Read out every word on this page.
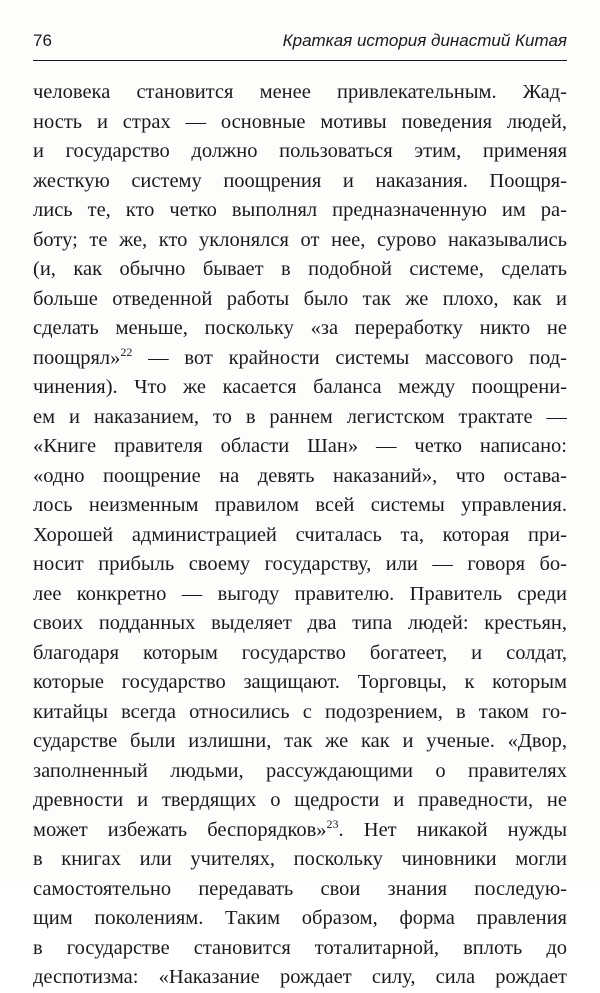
76	Краткая история династий Китая
человека становится менее привлекательным. Жад-
ность и страх — основные мотивы поведения людей,
и государство должно пользоваться этим, применяя
жесткую систему поощрения и наказания. Поощря-
лись те, кто четко выполнял предназначенную им ра-
боту; те же, кто уклонялся от нее, сурово наказывались
(и, как обычно бывает в подобной системе, сделать
больше отведенной работы было так же плохо, как и
сделать меньше, поскольку «за переработку никто не
поощрял»$^{22}$ — вот крайности системы массового под-
чинения). Что же касается баланса между поощрени-
ем и наказанием, то в раннем легистском трактате —
«Книге правителя области Шан» — четко написано:
«одно поощрение на девять наказаний», что остава-
лось неизменным правилом всей системы управления.
Хорошей администрацией считалась та, которая при-
носит прибыль своему государству, или — говоря бо-
лее конкретно — выгоду правителю. Правитель среди
своих подданных выделяет два типа людей: крестьян,
благодаря которым государство богатеет, и солдат,
которые государство защищают. Торговцы, к которым
китайцы всегда относились с подозрением, в таком го-
сударстве были излишни, так же как и ученые. «Двор,
заполненный людьми, рассуждающими о правителях
древности и твердящих о щедрости и праведности, не
может избежать беспорядков»$^{23}$. Нет никакой нужды
в книгах или учителях, поскольку чиновники могли
самостоятельно передавать свои знания последую-
щим поколениям. Таким образом, форма правления
в государстве становится тоталитарной, вплоть до
деспотизма: «Наказание рождает силу, сила рождает
